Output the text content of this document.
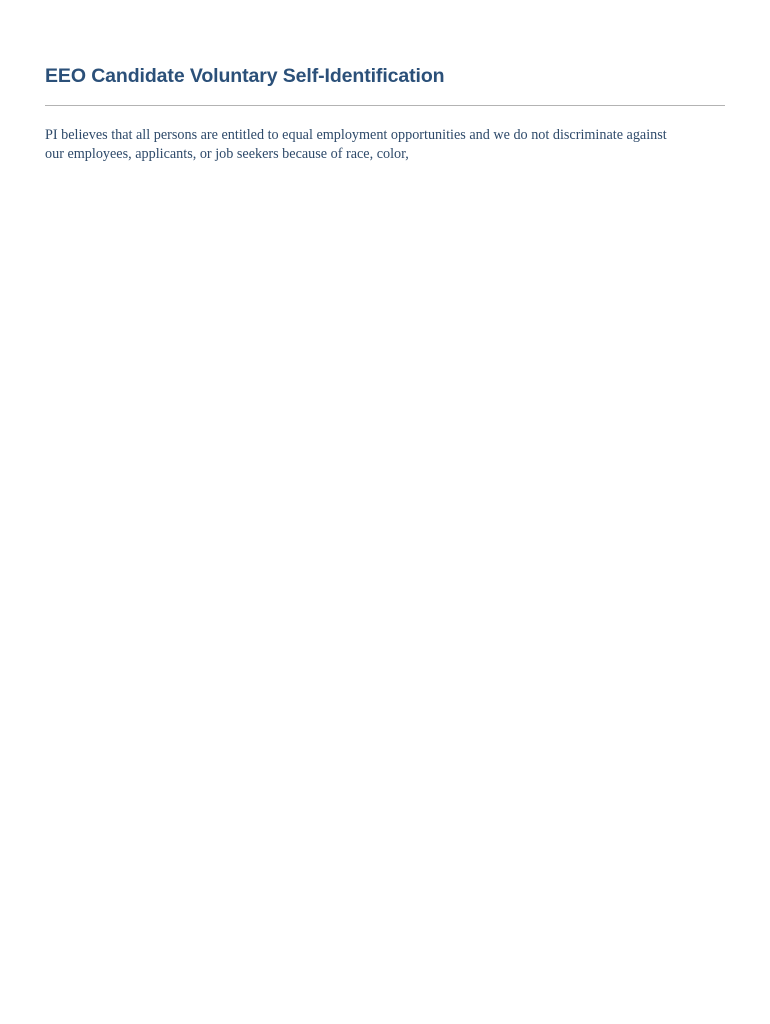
EEO Candidate Voluntary Self-Identification

PI believes that all persons are entitled to equal employment opportunities and we do not discriminate against our employees, applicants, or job seekers because of race, color,
